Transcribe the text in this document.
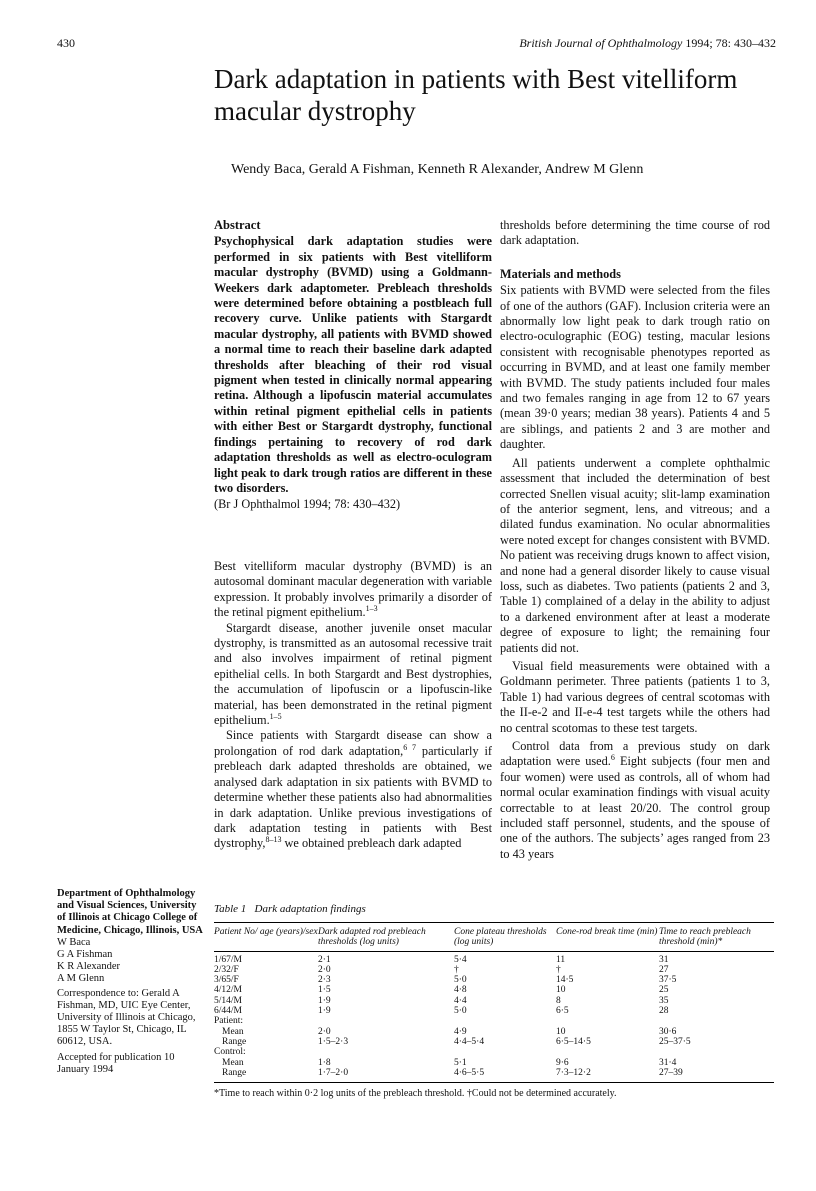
430	British Journal of Ophthalmology 1994; 78: 430–432
Dark adaptation in patients with Best vitelliform macular dystrophy
Wendy Baca, Gerald A Fishman, Kenneth R Alexander, Andrew M Glenn
Abstract
Psychophysical dark adaptation studies were performed in six patients with Best vitelliform macular dystrophy (BVMD) using a Goldmann-Weekers dark adaptometer. Prebleach thresholds were determined before obtaining a postbleach full recovery curve. Unlike patients with Stargardt macular dystrophy, all patients with BVMD showed a normal time to reach their baseline dark adapted thresholds after bleaching of their rod visual pigment when tested in clinically normal appearing retina. Although a lipofuscin material accumulates within retinal pigment epithelial cells in patients with either Best or Stargardt dystrophy, functional findings pertaining to recovery of rod dark adaptation thresholds as well as electro-oculogram light peak to dark trough ratios are different in these two disorders.
(Br J Ophthalmol 1994; 78: 430–432)

Best vitelliform macular dystrophy (BVMD) is an autosomal dominant macular degeneration with variable expression. It probably involves primarily a disorder of the retinal pigment epithelium.$^{1-3}$

Stargardt disease, another juvenile onset macular dystrophy, is transmitted as an autosomal recessive trait and also involves impairment of retinal pigment epithelial cells. In both Stargardt and Best dystrophies, the accumulation of lipofuscin or a lipofuscin-like material, has been demonstrated in the retinal pigment epithelium.$^{1-5}$

Since patients with Stargardt disease can show a prolongation of rod dark adaptation,$^{6 7}$ particularly if prebleach dark adapted thresholds are obtained, we analysed dark adaptation in six patients with BVMD to determine whether these patients also had abnormalities in dark adaptation. Unlike previous investigations of dark adaptation testing in patients with Best dystrophy,$^{8-13}$ we obtained prebleach dark adapted

thresholds before determining the time course of rod dark adaptation.

Materials and methods

Six patients with BVMD were selected from the files of one of the authors (GAF). Inclusion criteria were an abnormally low light peak to dark trough ratio on electro-oculographic (EOG) testing, macular lesions consistent with recognisable phenotypes reported as occurring in BVMD, and at least one family member with BVMD. The study patients included four males and two females ranging in age from 12 to 67 years (mean 39·0 years; median 38 years). Patients 4 and 5 are siblings, and patients 2 and 3 are mother and daughter.

All patients underwent a complete ophthalmic assessment that included the determination of best corrected Snellen visual acuity; slit-lamp examination of the anterior segment, lens, and vitreous; and a dilated fundus examination. No ocular abnormalities were noted except for changes consistent with BVMD. No patient was receiving drugs known to affect vision, and none had a general disorder likely to cause visual loss, such as diabetes. Two patients (patients 2 and 3, Table 1) complained of a delay in the ability to adjust to a darkened environment after at least a moderate degree of exposure to light; the remaining four patients did not.

Visual field measurements were obtained with a Goldmann perimeter. Three patients (patients 1 to 3, Table 1) had various degrees of central scotomas with the II-e-2 and II-e-4 test targets while the others had no central scotomas to these test targets.

Control data from a previous study on dark adaptation were used.$^6$ Eight subjects (four men and four women) were used as controls, all of whom had normal ocular examination findings with visual acuity correctable to at least 20/20. The control group included staff personnel, students, and the spouse of one of the authors. The subjects’ ages ranged from 23 to 43 years

Department of Ophthalmology and Visual Sciences, University of Illinois at Chicago College of Medicine, Chicago, Illinois, USA
W Baca
G A Fishman
K R Alexander
A M Glenn
Correspondence to: Gerald A Fishman, MD, UIC Eye Center, University of Illinois at Chicago, 1855 W Taylor St, Chicago, IL 60612, USA.
Accepted for publication 10 January 1994
Table 1 Dark adaptation findings
Patient No/ age (years)/sex	Dark adapted rod prebleach thresholds (log units)	Cone plateau thresholds (log units)	Cone-rod break time (min)	Time to reach prebleach threshold (min)*

1/67/M	2·1	5·4	11	31
2/32/F	2·0	†	†	27
3/65/F	2·3	5·0	14·5	37·5
4/12/M	1·5	4·8	10	25
5/14/M	1·9	4·4	8	35
6/44/M	1·9	5·0	6·5	28
Patient:				
Mean	2·0	4·9	10	30·6
Range	1·5–2·3	4·4–5·4	6·5–14·5	25–37·5
Control:				
Mean	1·8	5·1	9·6	31·4
Range	1·7–2·0	4·6–5·5	7·3–12·2	27–39

*Time to reach within 0·2 log units of the prebleach threshold. †Could not be determined accurately.
